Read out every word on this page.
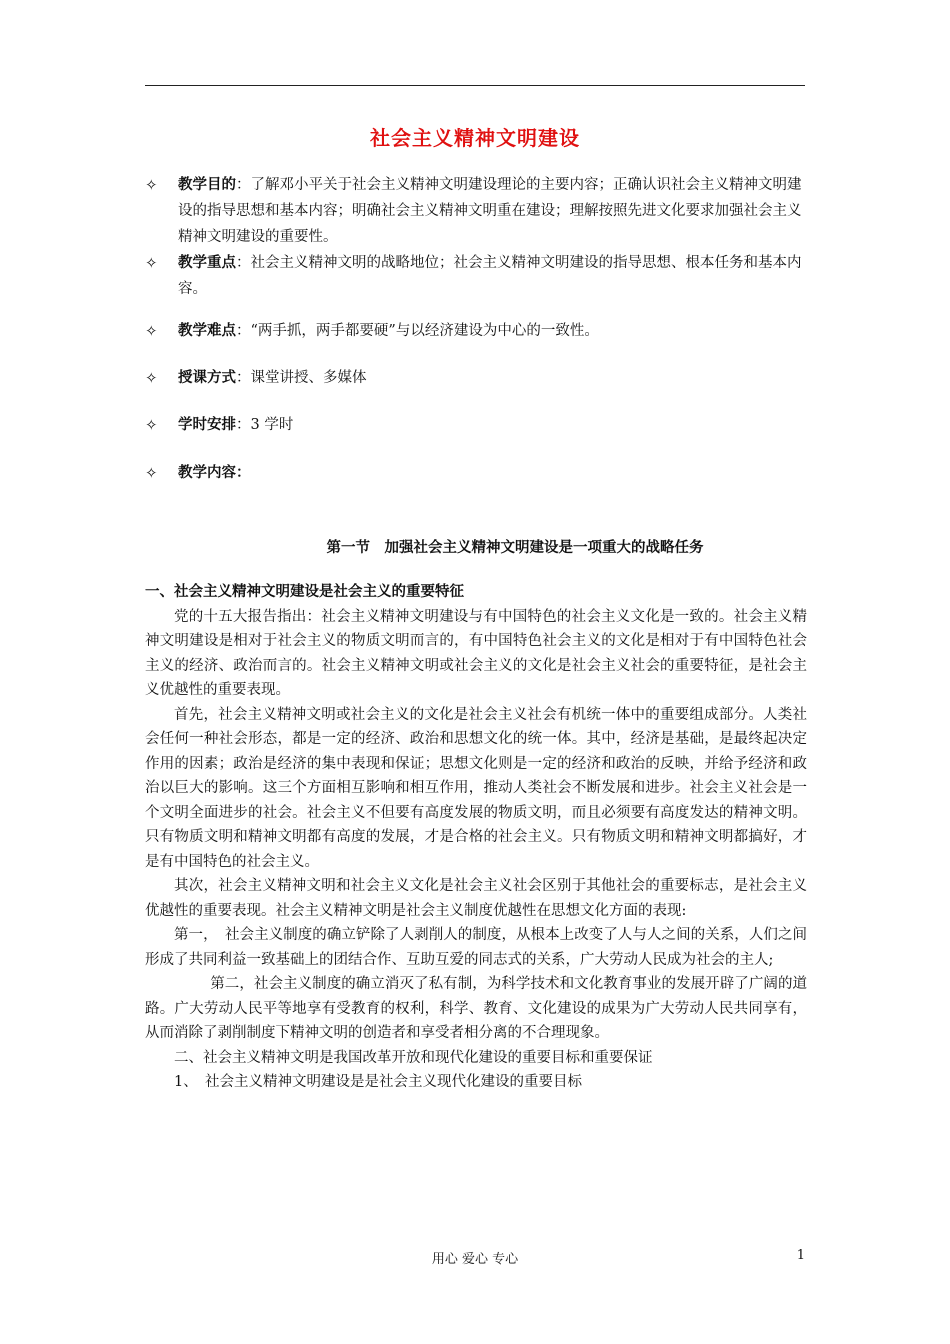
社会主义精神文明建设
✧ 教学目的：了解邓小平关于社会主义精神文明建设理论的主要内容；正确认识社会主义精神文明建设的指导思想和基本内容；明确社会主义精神文明重在建设；理解按照先进文化要求加强社会主义精神文明建设的重要性。
✧ 教学重点：社会主义精神文明的战略地位；社会主义精神文明建设的指导思想、根本任务和基本内容。
✧ 教学难点：“两手抓，两手都要硬”与以经济建设为中心的一致性。
✧ 授课方式：课堂讲授、多媒体
✧ 学时安排：3 学时
✧ 教学内容：
第一节　加强社会主义精神文明建设是一项重大的战略任务

一、社会主义精神文明建设是社会主义的重要特征

党的十五大报告指出：社会主义精神文明建设与有中国特色的社会主义文化是一致的。社会主义精神文明建设是相对于社会主义的物质文明而言的，有中国特色社会主义的文化是相对于有中国特色社会主义的经济、政治而言的。社会主义精神文明或社会主义的文化是社会主义社会的重要特征，是社会主义优越性的重要表现。

首先，社会主义精神文明或社会主义的文化是社会主义社会有机统一体中的重要组成部分。人类社会任何一种社会形态，都是一定的经济、政治和思想文化的统一体。其中，经济是基础，是最终起决定作用的因素；政治是经济的集中表现和保证；思想文化则是一定的经济和政治的反映，并给予经济和政治以巨大的影响。这三个方面相互影响和相互作用，推动人类社会不断发展和进步。社会主义社会是一个文明全面进步的社会。社会主义不但要有高度发展的物质文明，而且必须要有高度发达的精神文明。只有物质文明和精神文明都有高度的发展，才是合格的社会主义。只有物质文明和精神文明都搞好，才是有中国特色的社会主义。

其次，社会主义精神文明和社会主义文化是社会主义社会区别于其他社会的重要标志，是社会主义优越性的重要表现。社会主义精神文明是社会主义制度优越性在思想文化方面的表现:

第一，　社会主义制度的确立铲除了人剥削人的制度，从根本上改变了人与人之间的关系，人们之间形成了共同利益一致基础上的团结合作、互助互爱的同志式的关系，广大劳动人民成为社会的主人;

第二，社会主义制度的确立消灭了私有制，为科学技术和文化教育事业的发展开辟了广阔的道路。广大劳动人民平等地享有受教育的权利，科学、教育、文化建设的成果为广大劳动人民共同享有，从而消除了剥削制度下精神文明的创造者和享受者相分离的不合理现象。

二、社会主义精神文明是我国改革开放和现代化建设的重要目标和重要保证

1、　社会主义精神文明建设是是社会主义现代化建设的重要目标

用心 爱心 专心	1
